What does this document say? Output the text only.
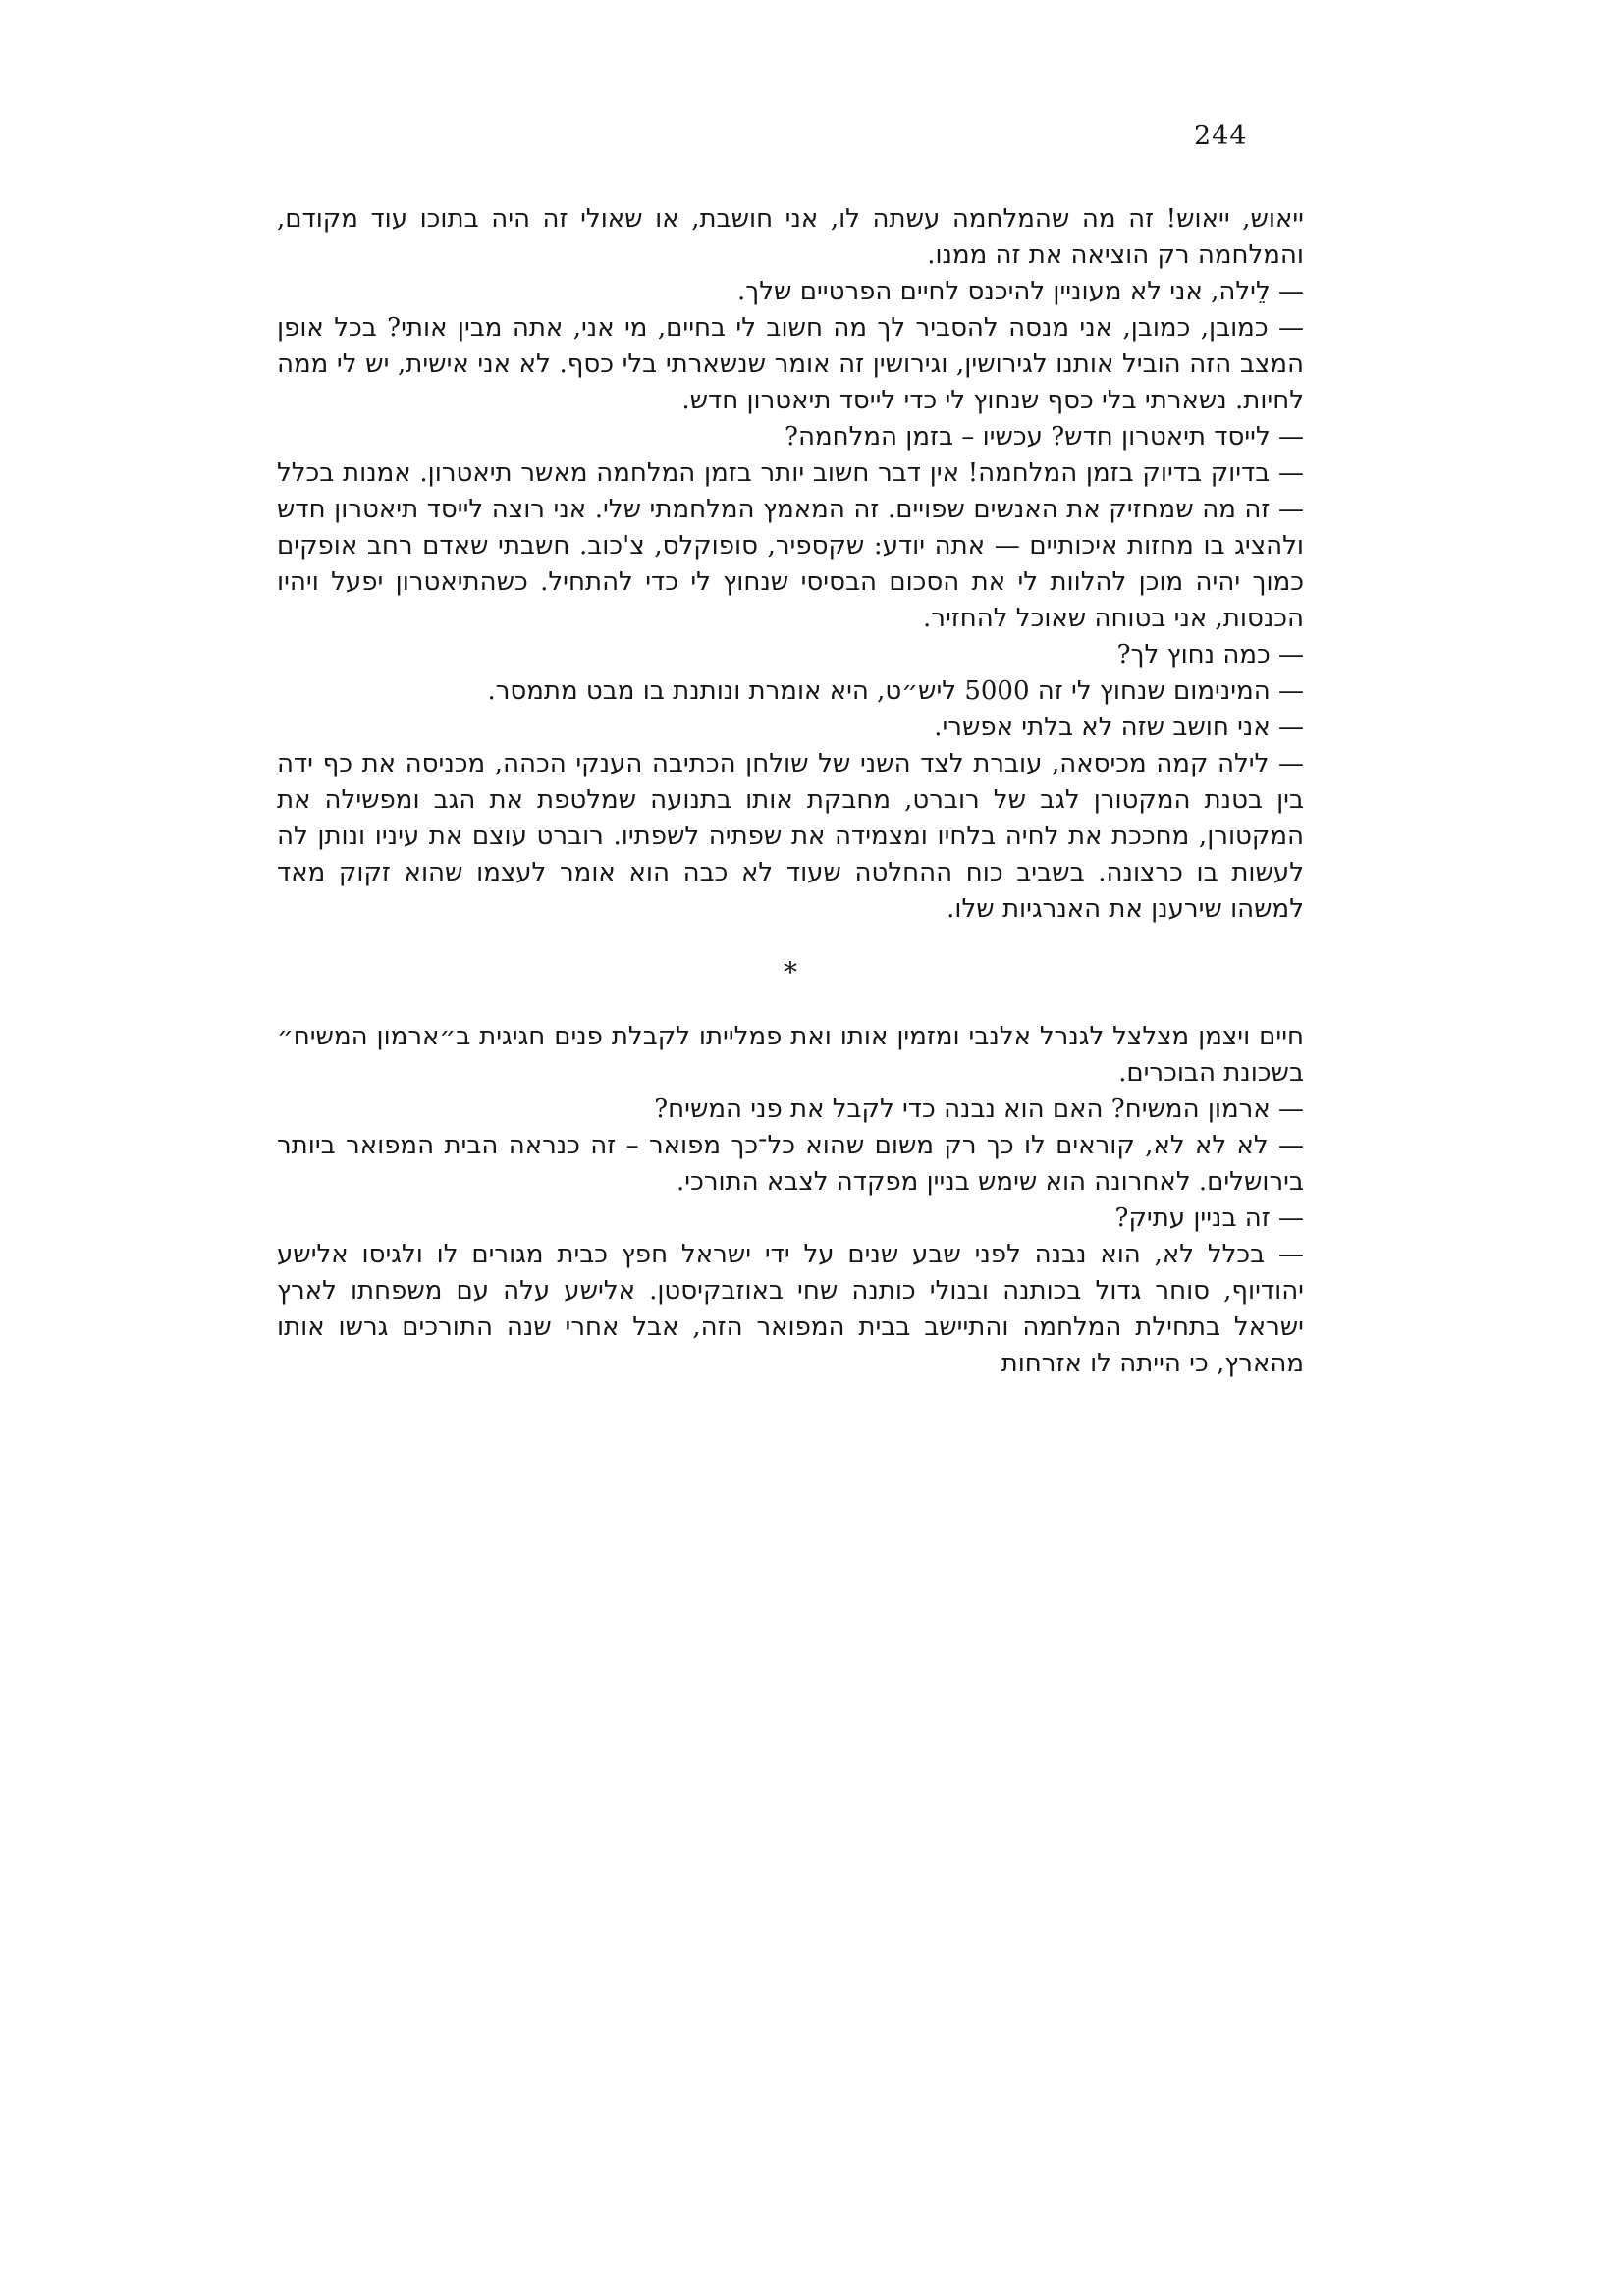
244

ייאוש, ייאוש! זה מה שהמלחמה עשתה לו, אני חושבת, או שאולי זה היה בתוכו עוד מקודם, והמלחמה רק הוציאה את זה ממנו.

— לֵילה, אני לא מעוניין להיכנס לחיים הפרטיים שלך.

— כמובן, כמובן, אני מנסה להסביר לך מה חשוב לי בחיים, מי אני, אתה מבין אותי? בכל אופן המצב הזה הוביל אותנו לגירושין, וגירושין זה אומר שנשארתי בלי כסף. לא אני אישית, יש לי ממה לחיות. נשארתי בלי כסף שנחוץ לי כדי לייסד תיאטרון חדש.

— לייסד תיאטרון חדש? עכשיו – בזמן המלחמה?

— בדיוק בדיוק בזמן המלחמה! אין דבר חשוב יותר בזמן המלחמה מאשר תיאטרון. אמנות בכלל — זה מה שמחזיק את האנשים שפויים. זה המאמץ המלחמתי שלי. אני רוצה לייסד תיאטרון חדש ולהציג בו מחזות איכותיים — אתה יודע: שקספיר, סופוקלס, צ'כוב. חשבתי שאדם רחב אופקים כמוך יהיה מוכן להלוות לי את הסכום הבסיסי שנחוץ לי כדי להתחיל. כשהתיאטרון יפעל ויהיו הכנסות, אני בטוחה שאוכל להחזיר.

— כמה נחוץ לך?

— המינימום שנחוץ לי זה 5000 ליש״ט, היא אומרת ונותנת בו מבט מתמסר.

— אני חושב שזה לא בלתי אפשרי.

— לילה קמה מכיסאה, עוברת לצד השני של שולחן הכתיבה הענקי הכהה, מכניסה את כף ידה בין בטנת המקטורן לגב של רוברט, מחבקת אותו בתנועה שמלטפת את הגב ומפשילה את המקטורן, מחככת את לחיה בלחיו ומצמידה את שפתיה לשפתיו. רוברט עוצם את עיניו ונותן לה לעשות בו כרצונה. בשביב כוח ההחלטה שעוד לא כבה הוא אומר לעצמו שהוא זקוק מאד למשהו שירענן את האנרגיות שלו.

*

חיים ויצמן מצלצל לגנרל אלנבי ומזמין אותו ואת פמלייתו לקבלת פנים חגיגית ב״ארמון המשיח״ בשכונת הבוכרים.

— ארמון המשיח? האם הוא נבנה כדי לקבל את פני המשיח?

— לא לא לא, קוראים לו כך רק משום שהוא כל־כך מפואר – זה כנראה הבית המפואר ביותר בירושלים. לאחרונה הוא שימש בניין מפקדה לצבא התורכי.

— זה בניין עתיק?

— בכלל לא, הוא נבנה לפני שבע שנים על ידי ישראל חפץ כבית מגורים לו ולגיסו אלישע יהודיוף, סוחר גדול בכותנה ובנולי כותנה שחי באוזבקיסטן. אלישע עלה עם משפחתו לארץ ישראל בתחילת המלחמה והתיישב בבית המפואר הזה, אבל אחרי שנה התורכים גרשו אותו מהארץ, כי הייתה לו אזרחות
